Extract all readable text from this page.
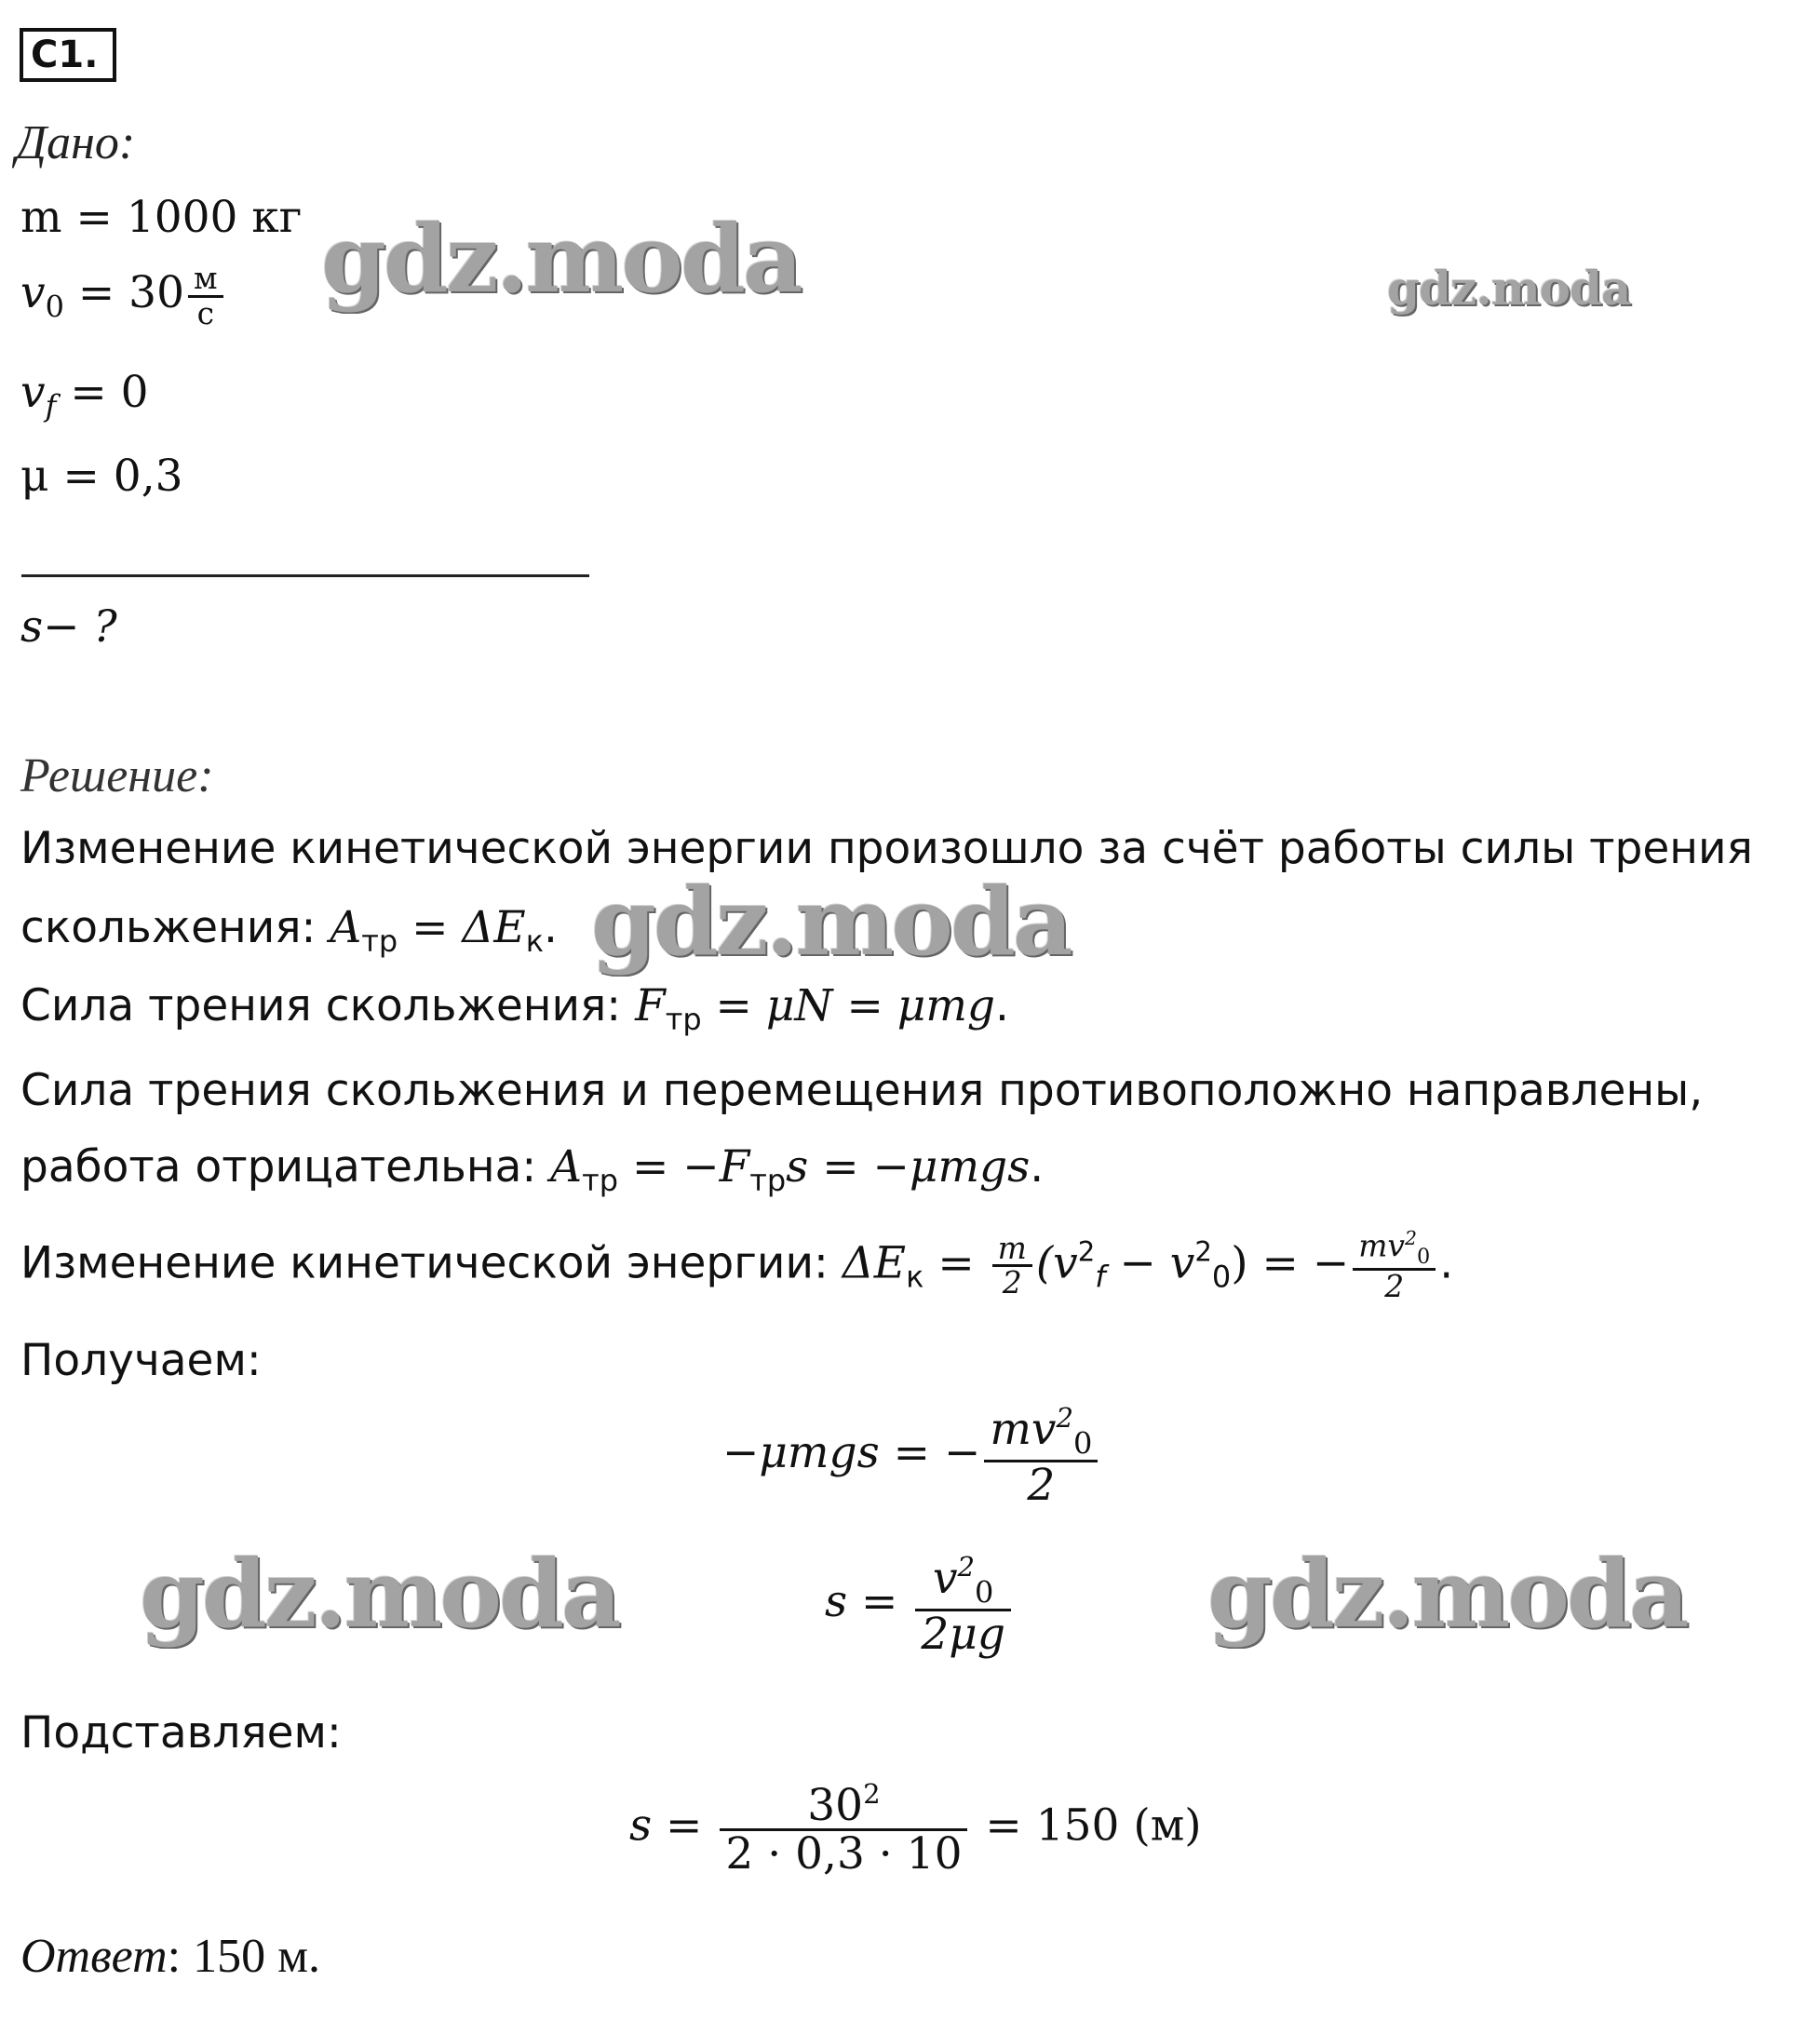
С1.
Дано:
m = 1000 кг
$v_0 = 30 \frac{м}{с}$
$v_f = 0$
μ = 0,3
s− ?
Решение:
Изменение кинетической энергии произошло за счёт работы силы трения
скольжения: $A_{тр} = \Delta E_к$.
Сила трения скольжения: $F_{тр} = \mu N = \mu mg$.
Сила трения скольжения и перемещения противоположно направлены,
работа отрицательна: $A_{тр} = -F_{тр}s = -\mu mgs$.
Изменение кинетической энергии: $\Delta E_к = \frac{m}{2} (v^2_f - v^2_0)$ = − $\frac{mv^2_0}{2}$ .
Получаем:
−μmgs = − $\frac{mv^2_0}{2}$
$s = \frac{v^2_0}{2\mu g}$
Подставляем:
$s = \frac{30^2}{2 \cdot 0,3 \cdot 10} = 150$ (м)
Ответ: 150 м.
gdz.moda	gdz.moda
gdz.moda
gdz.moda	gdz.moda
